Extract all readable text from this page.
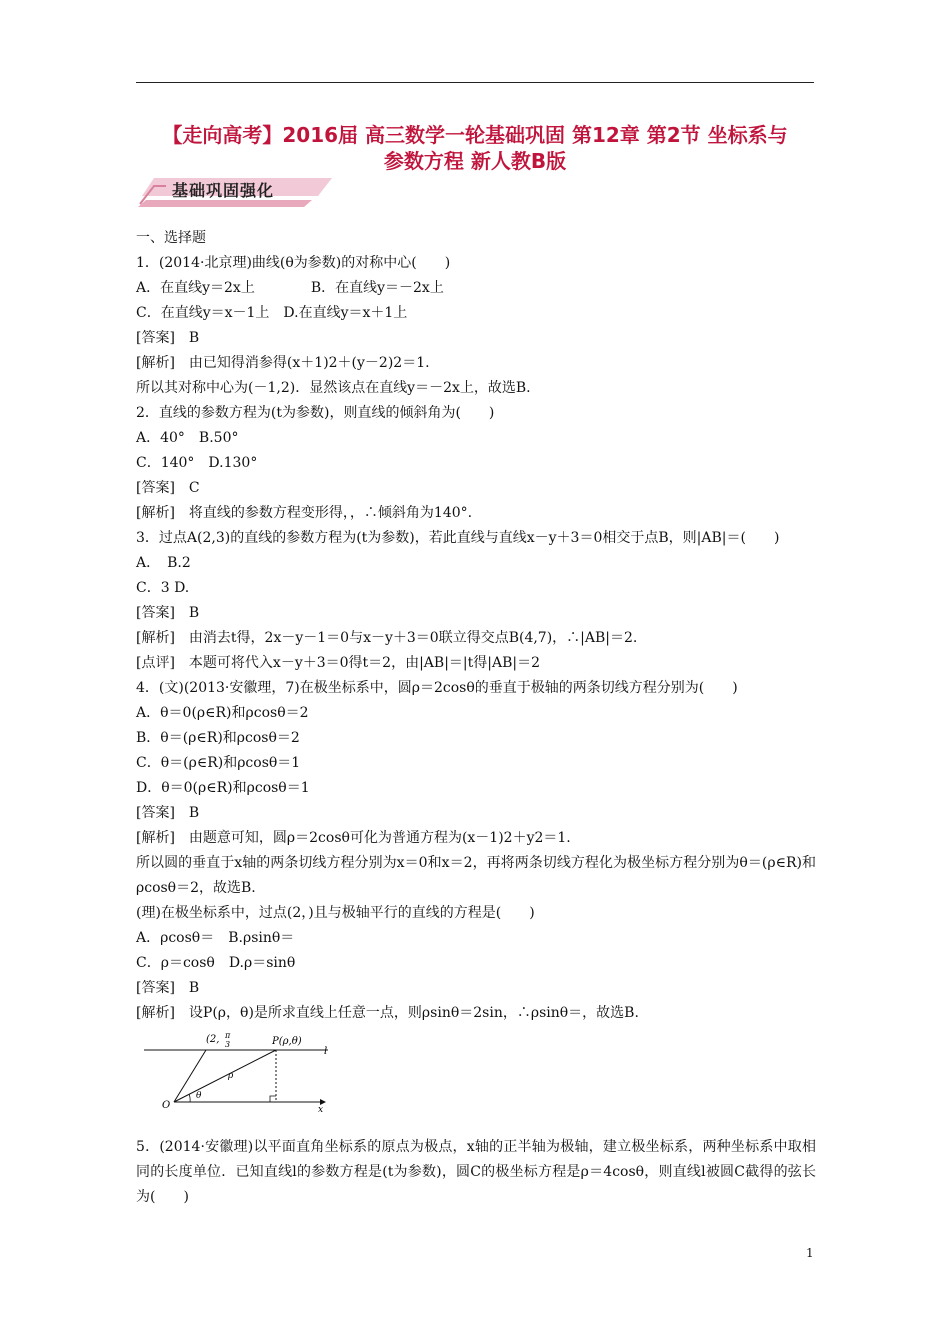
【走向高考】2016届 高三数学一轮基础巩固 第12章 第2节 坐标系与
参数方程 新人教B版
基础巩固强化
一、选择题
1．(2014·北京理)曲线(θ为参数)的对称中心(　　)
A．在直线y＝2x上　　　　B．在直线y＝－2x上
C．在直线y＝x－1上　D.在直线y＝x＋1上
[答案]　B
[解析]　由已知得消参得(x＋1)2＋(y－2)2＝1.
所以其对称中心为(－1,2)．显然该点在直线y＝－2x上，故选B.
2．直线的参数方程为(t为参数)，则直线的倾斜角为(　　)
A．40°　B.50°
C．140°　D.130°
[答案]　C
[解析]　将直线的参数方程变形得，，∴倾斜角为140°.
3．过点A(2,3)的直线的参数方程为(t为参数)，若此直线与直线x－y＋3＝0相交于点B，则|AB|＝(　　)
A．　B.2
C．3 D.
[答案]　B
[解析]　由消去t得，2x－y－1＝0与x－y＋3＝0联立得交点B(4,7)，∴|AB|＝2.
[点评]　本题可将代入x－y＋3＝0得t＝2，由|AB|＝|t得|AB|＝2
4．(文)(2013·安徽理，7)在极坐标系中，圆ρ＝2cosθ的垂直于极轴的两条切线方程分别为(　　)
A．θ＝0(ρ∈R)和ρcosθ＝2
B．θ＝(ρ∈R)和ρcosθ＝2
C．θ＝(ρ∈R)和ρcosθ＝1
D．θ＝0(ρ∈R)和ρcosθ＝1
[答案]　B
[解析]　由题意可知，圆ρ＝2cosθ可化为普通方程为(x－1)2＋y2＝1.
所以圆的垂直于x轴的两条切线方程分别为x＝0和x＝2，再将两条切线方程化为极坐标方程分别为θ＝(ρ∈R)和ρcosθ＝2，故选B.
(理)在极坐标系中，过点(2，)且与极轴平行的直线的方程是(　　)
A．ρcosθ＝　B.ρsinθ＝
C．ρ＝cosθ　D.ρ＝sinθ
[答案]　B
[解析]　设P(ρ，θ)是所求直线上任意一点，则ρsinθ＝2sin，∴ρsinθ＝，故选B.
(2, π
3	P(ρ,θ)
l
O
θ
ρ
x
5．(2014·安徽理)以平面直角坐标系的原点为极点，x轴的正半轴为极轴，建立极坐标系，两种坐标系中取相同的长度单位．已知直线l的参数方程是(t为参数)，圆C的极坐标方程是ρ＝4cosθ，则直线l被圆C截得的弦长为(　　)
1
